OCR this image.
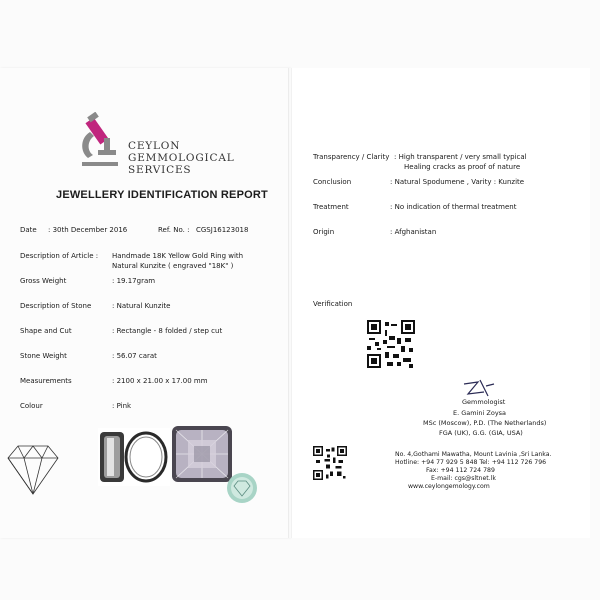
CEYLON
GEMMOLOGICAL
SERVICES
JEWELLERY IDENTIFICATION REPORT
Date : 30th December 2016	Ref. No. : CGSJ16123018
Description of Article : Handmade 18K Yellow Gold Ring with
Natural Kunzite ( engraved "18K" )
Gross Weight	: 19.17gram
Description of Stone	: Natural Kunzite
Shape and Cut	: Rectangle - 8 folded / step cut
Stone Weight	: 56.07 carat
Measurements	: 2100 x 21.00 x 17.00 mm
Colour	: Pink
Transparency / Clarity : High transparent / very small typical
Healing cracks as proof of nature
Conclusion	: Natural Spodumene , Varity : Kunzite
Treatment	: No indication of thermal treatment
Origin	: Afghanistan
Verification
Gemmologist
E. Gamini Zoysa
MSc (Moscow), P.D. (The Netherlands)
FGA (UK), G.G. (GIA, USA)
No. 4,Gothami Mawatha, Mount Lavinia ,Sri Lanka.
Hotline: +94 77 929 5 848 Tel: +94 112 726 796
Fax: +94 112 724 789
E-mail: cgs@sltnet.lk
www.ceylongemology.com
